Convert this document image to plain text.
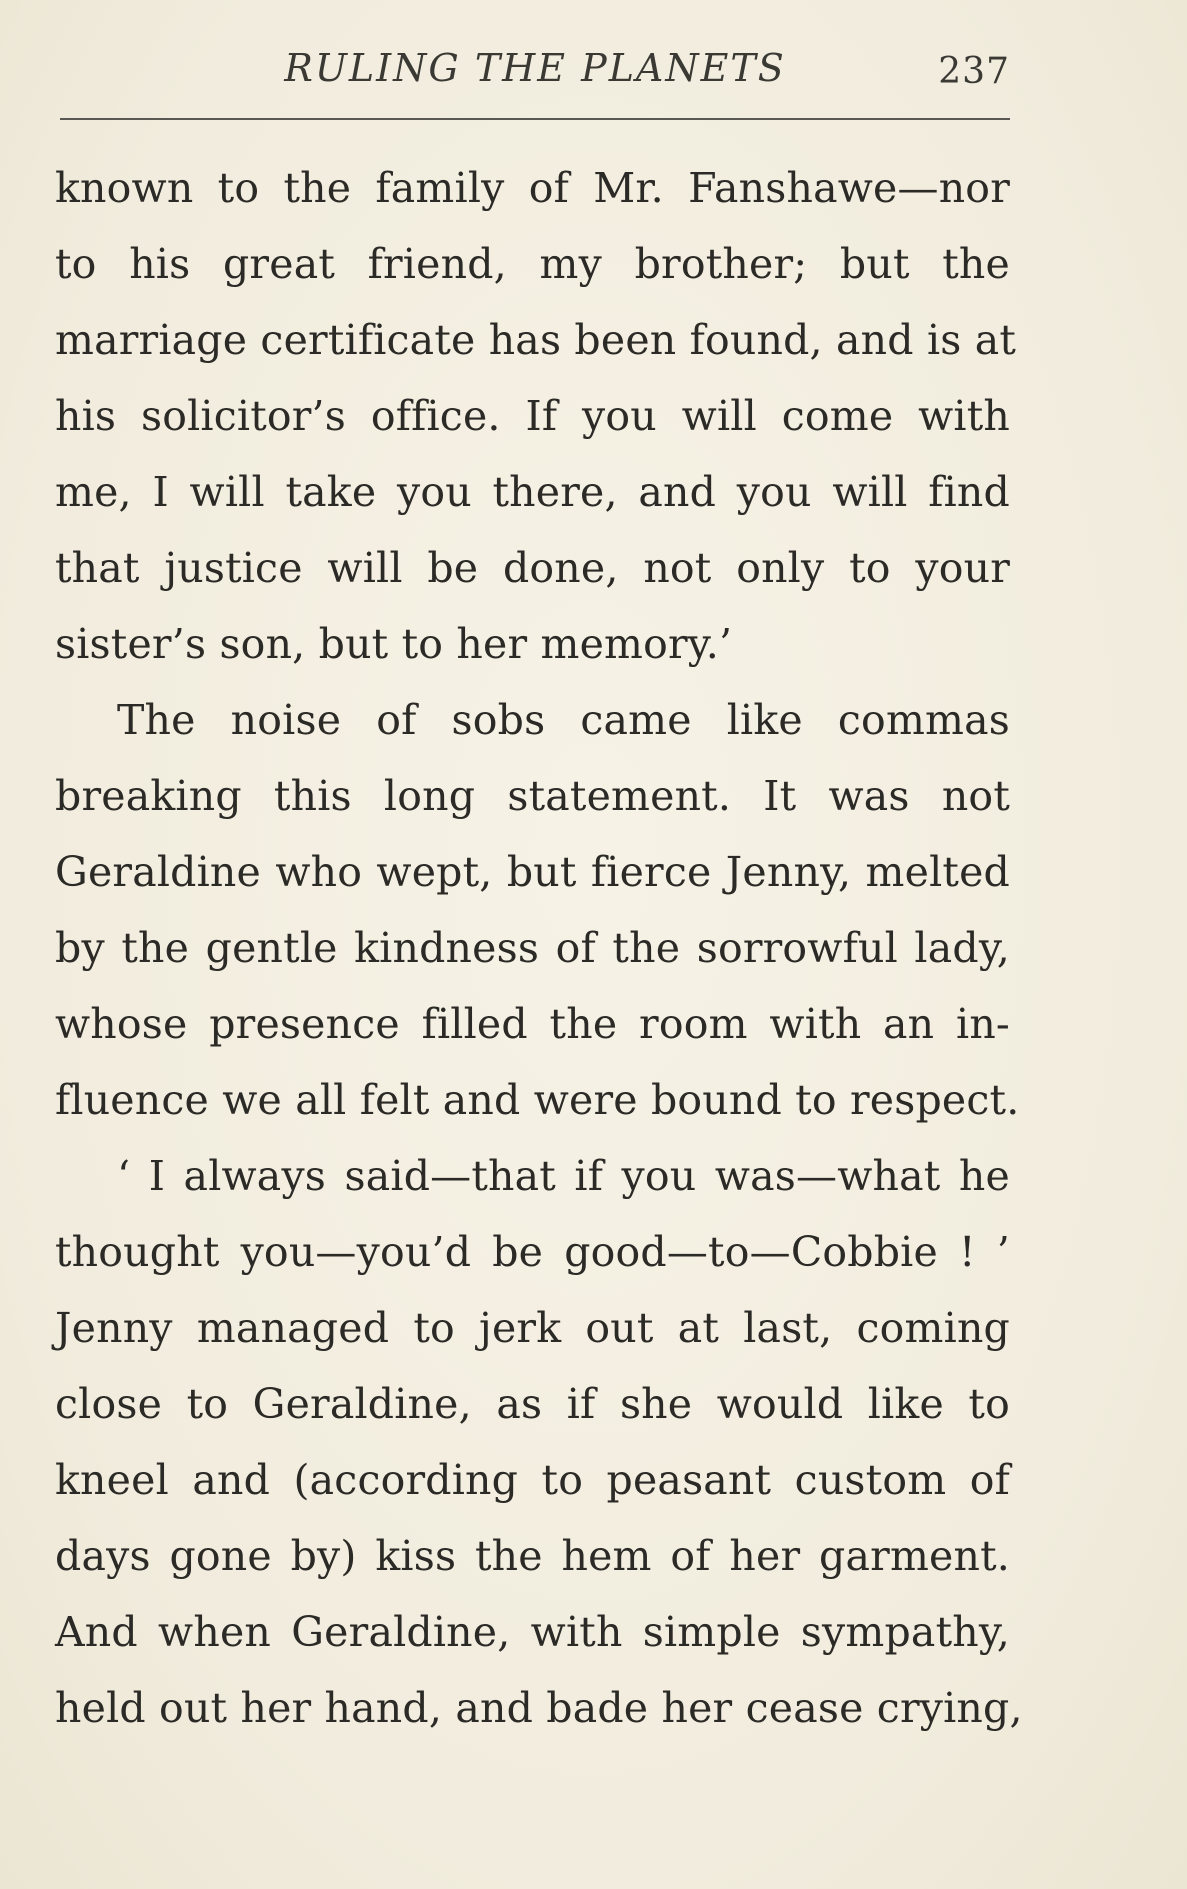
RULING THE PLANETS	237
known to the family of Mr. Fanshawe—nor
to his great friend, my brother; but the
marriage certificate has been found, and is at
his solicitor’s office. If you will come with
me, I will take you there, and you will find
that justice will be done, not only to your
sister’s son, but to her memory.’
The noise of sobs came like commas
breaking this long statement. It was not
Geraldine who wept, but fierce Jenny, melted
by the gentle kindness of the sorrowful lady,
whose presence filled the room with an in-
fluence we all felt and were bound to respect.
‘ I always said—that if you was—what he
thought you—you’d be good—to—Cobbie ! ’
Jenny managed to jerk out at last, coming
close to Geraldine, as if she would like to
kneel and (according to peasant custom of
days gone by) kiss the hem of her garment.
And when Geraldine, with simple sympathy,
held out her hand, and bade her cease crying,
